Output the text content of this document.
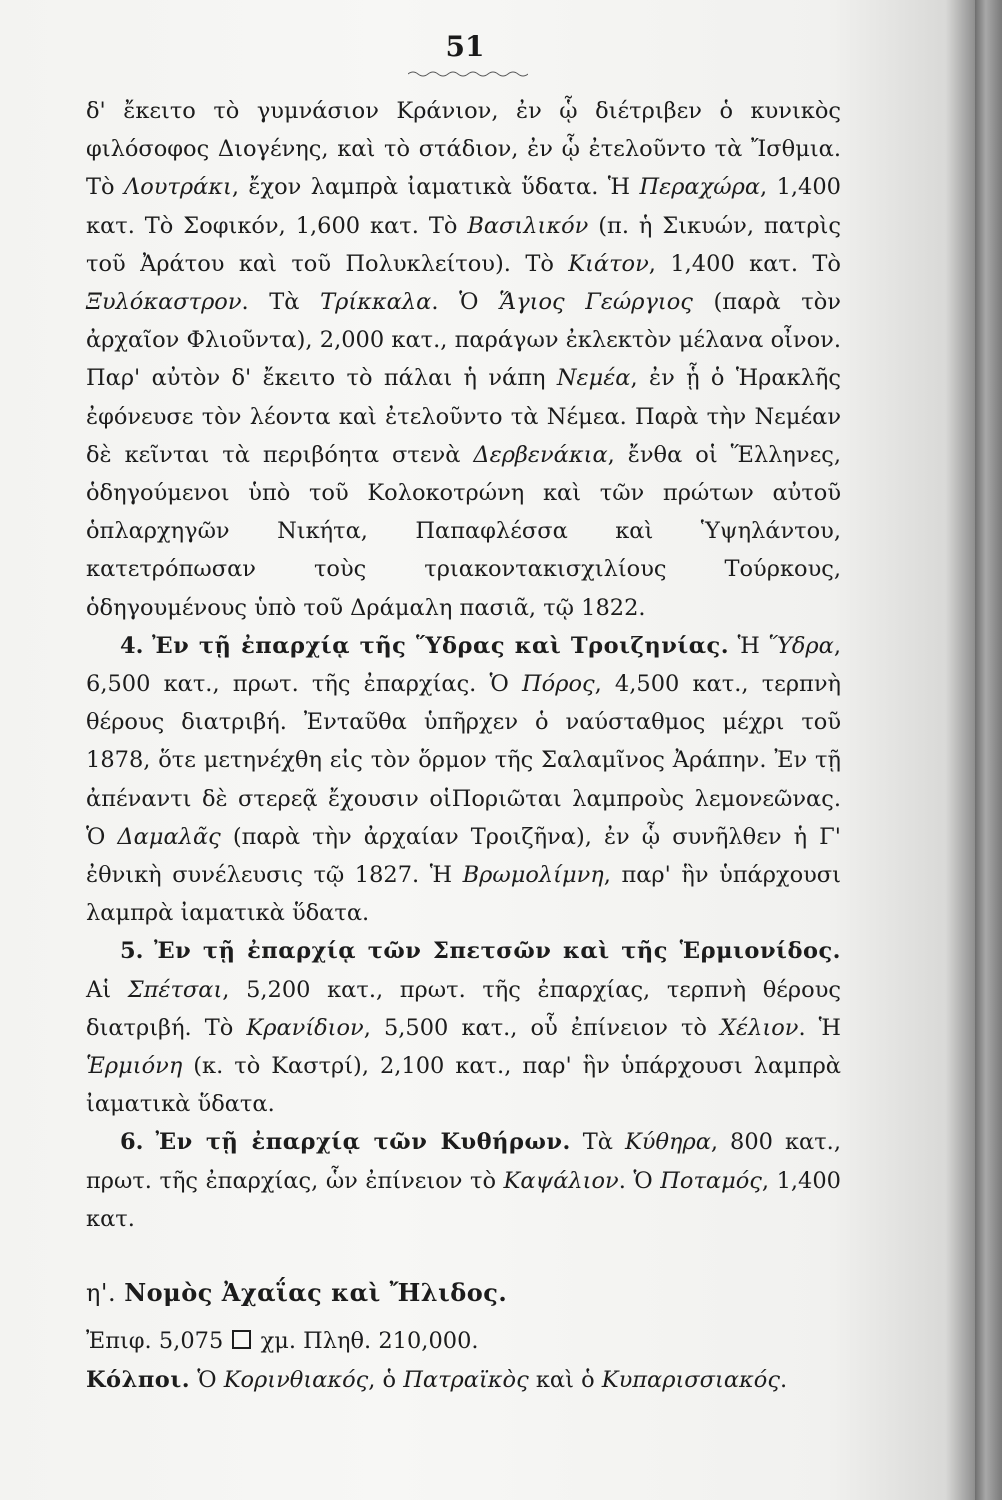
51

δ' ἔκειτο τὸ γυμνάσιον Κράνιον, ἐν ᾧ διέτριβεν ὁ κυνικὸς φιλόσοφος Διογένης, καὶ τὸ στάδιον, ἐν ᾧ ἐτελοῦντο τὰ Ἴσθμια. Τὸ Λουτράκι, ἔχον λαμπρὰ ἰαματικὰ ὕδατα. Ἡ Περαχώρα, 1,400 κατ. Τὸ Σοφικόν, 1,600 κατ. Τὸ Βασιλικόν (π. ἡ Σικυών, πατρὶς τοῦ Ἀράτου καὶ τοῦ Πολυκλείτου). Τὸ Κιάτον, 1,400 κατ. Τὸ Ξυλόκαστρον. Τὰ Τρίκκαλα. Ὁ Ἅγιος Γεώργιος (παρὰ τὸν ἀρχαῖον Φλιοῦντα), 2,000 κατ., παράγων ἐκλεκτὸν μέλανα οἶνον. Παρ' αὐτὸν δ' ἔκειτο τὸ πάλαι ἡ νάπη Νεμέα, ἐν ᾗ ὁ Ἡρακλῆς ἐφόνευσε τὸν λέοντα καὶ ἐτελοῦντο τὰ Νέμεα. Παρὰ τὴν Νεμέαν δὲ κεῖνται τὰ περιβόητα στενὰ Δερβενάκια, ἔνθα οἱ Ἕλληνες, ὁδηγούμενοι ὑπὸ τοῦ Κολοκοτρώνη καὶ τῶν πρώτων αὐτοῦ ὁπλαρχηγῶν Νικήτα, Παπαφλέσσα καὶ Ὑψηλάντου, κατετρόπωσαν τοὺς τριακοντακισχιλίους Τούρκους, ὁδηγουμένους ὑπὸ τοῦ Δράμαλη πασιᾶ, τῷ 1822.

4. Ἐν τῇ ἐπαρχίᾳ τῆς Ὕδρας καὶ Τροιζηνίας. Ἡ Ὕδρα, 6,500 κατ., πρωτ. τῆς ἐπαρχίας. Ὁ Πόρος, 4,500 κατ., τερπνὴ θέρους διατριβή. Ἐνταῦθα ὑπῆρχεν ὁ ναύσταθμος μέχρι τοῦ 1878, ὅτε μετηνέχθη εἰς τὸν ὅρμον τῆς Σαλαμῖνος Ἀράπην. Ἐν τῇ ἀπέναντι δὲ στερεᾷ ἔχουσιν οἱΠοριῶται λαμπροὺς λεμονεῶνας. Ὁ Δαμαλᾶς (παρὰ τὴν ἀρχαίαν Τροιζῆνα), ἐν ᾧ συνῆλθεν ἡ Γ' ἐθνικὴ συνέλευσις τῷ 1827. Ἡ Βρωμολίμνη, παρ' ἣν ὑπάρχουσι λαμπρὰ ἰαματικὰ ὕδατα.

5. Ἐν τῇ ἐπαρχίᾳ τῶν Σπετσῶν καὶ τῆς Ἑρμιονίδος. Αἱ Σπέτσαι, 5,200 κατ., πρωτ. τῆς ἐπαρχίας, τερπνὴ θέρους διατριβή. Τὸ Κρανίδιον, 5,500 κατ., οὗ ἐπίνειον τὸ Χέλιον. Ἡ Ἑρμιόνη (κ. τὸ Καστρί), 2,100 κατ., παρ' ἣν ὑπάρχουσι λαμπρὰ ἰαματικὰ ὕδατα.

6. Ἐν τῇ ἐπαρχίᾳ τῶν Κυθήρων. Τὰ Κύθηρα, 800 κατ., πρωτ. τῆς ἐπαρχίας, ὧν ἐπίνειον τὸ Καψάλιον. Ὁ Ποταμός, 1,400 κατ.

η'. Νομὸς Ἀχαΐας καὶ Ἤλιδος.

Ἐπιφ. 5,075  χμ. Πληθ. 210,000.

Κόλποι. Ὁ Κορινθιακός, ὁ Πατραϊκὸς καὶ ὁ Κυπαρισσιακός.
